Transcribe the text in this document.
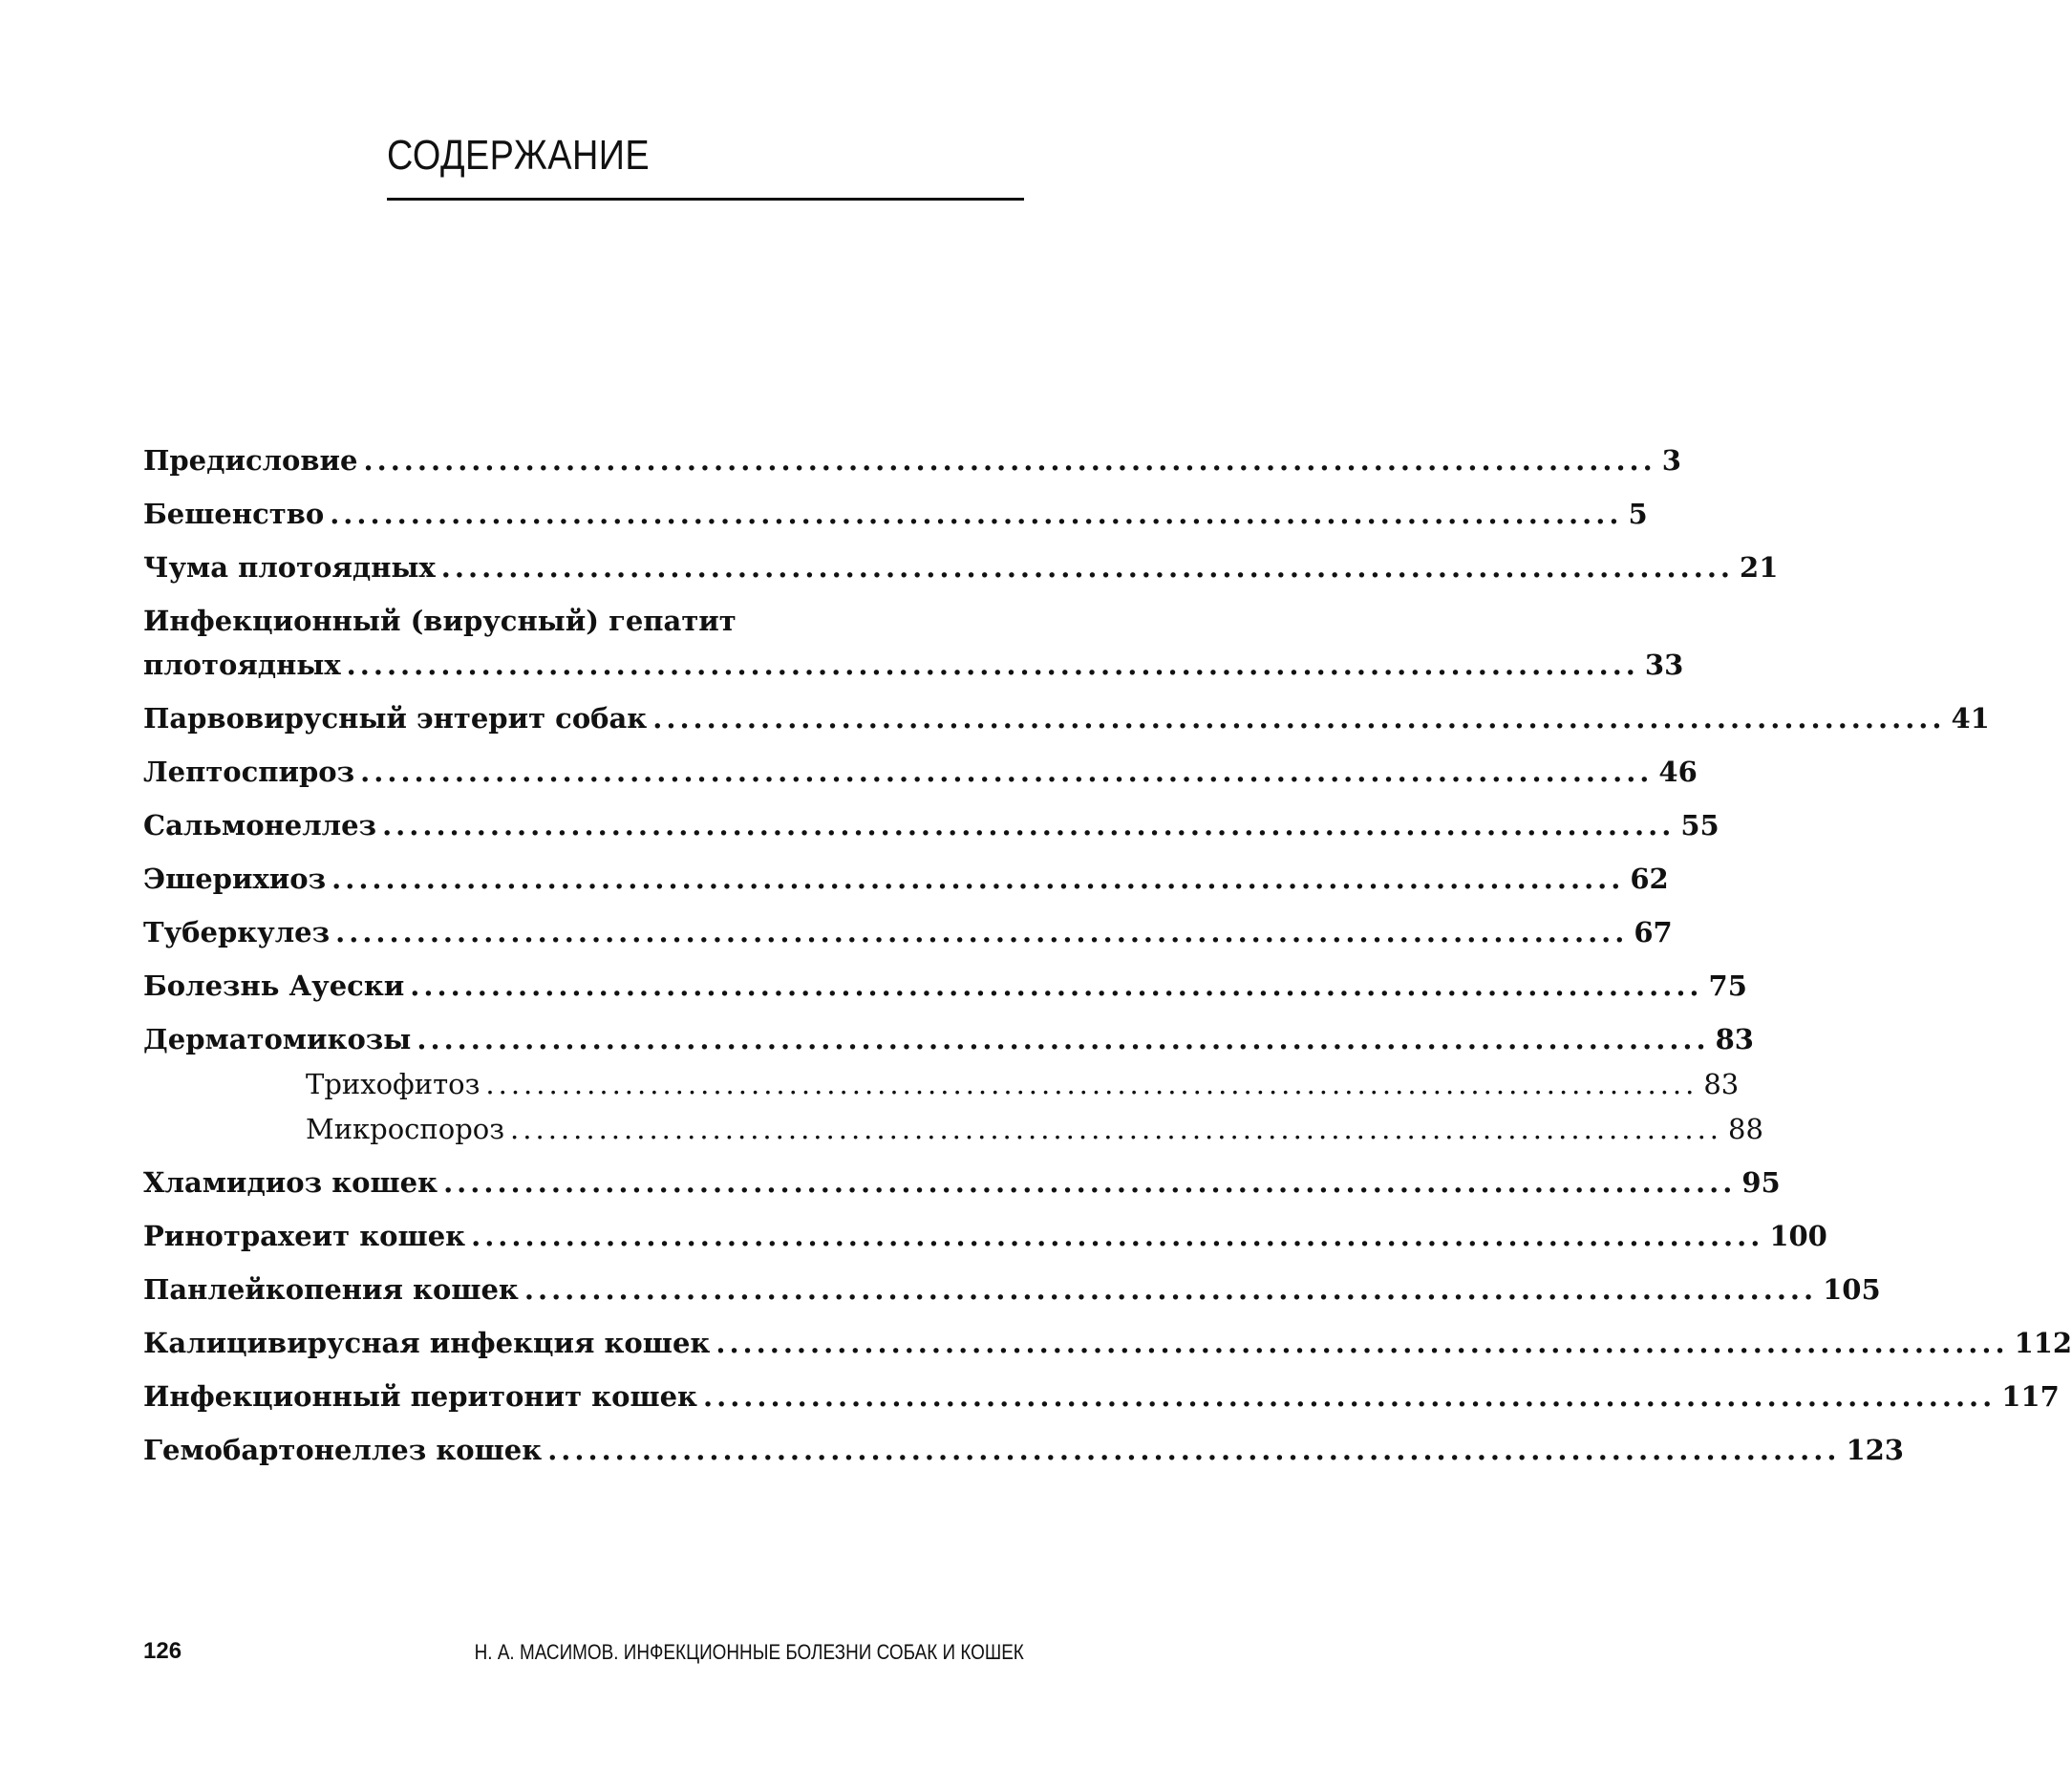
СОДЕРЖАНИЕ
Предисловие ................................................................................................ 3
Бешенство ................................................................................................ 5
Чума плотоядных ................................................................................................ 21
Инфекционный (вирусный) гепатит
плотоядных ................................................................................................ 33
Парвовирусный энтерит собак ................................................................................................ 41
Лептоспироз ................................................................................................ 46
Сальмонеллез ................................................................................................ 55
Эшерихиоз ................................................................................................ 62
Туберкулез ................................................................................................ 67
Болезнь Ауески ................................................................................................ 75
Дерматомикозы ................................................................................................ 83
Трихофитоз ................................................................................................ 83
Микроспороз ................................................................................................ 88
Хламидиоз кошек ................................................................................................ 95
Ринотрахеит кошек ................................................................................................ 100
Панлейкопения кошек ................................................................................................ 105
Калицивирусная инфекция кошек ................................................................................................ 112
Инфекционный перитонит кошек ................................................................................................ 117
Гемобартонеллез кошек ................................................................................................ 123
126	Н. А. МАСИМОВ. ИНФЕКЦИОННЫЕ БОЛЕЗНИ СОБАК И КОШЕК
